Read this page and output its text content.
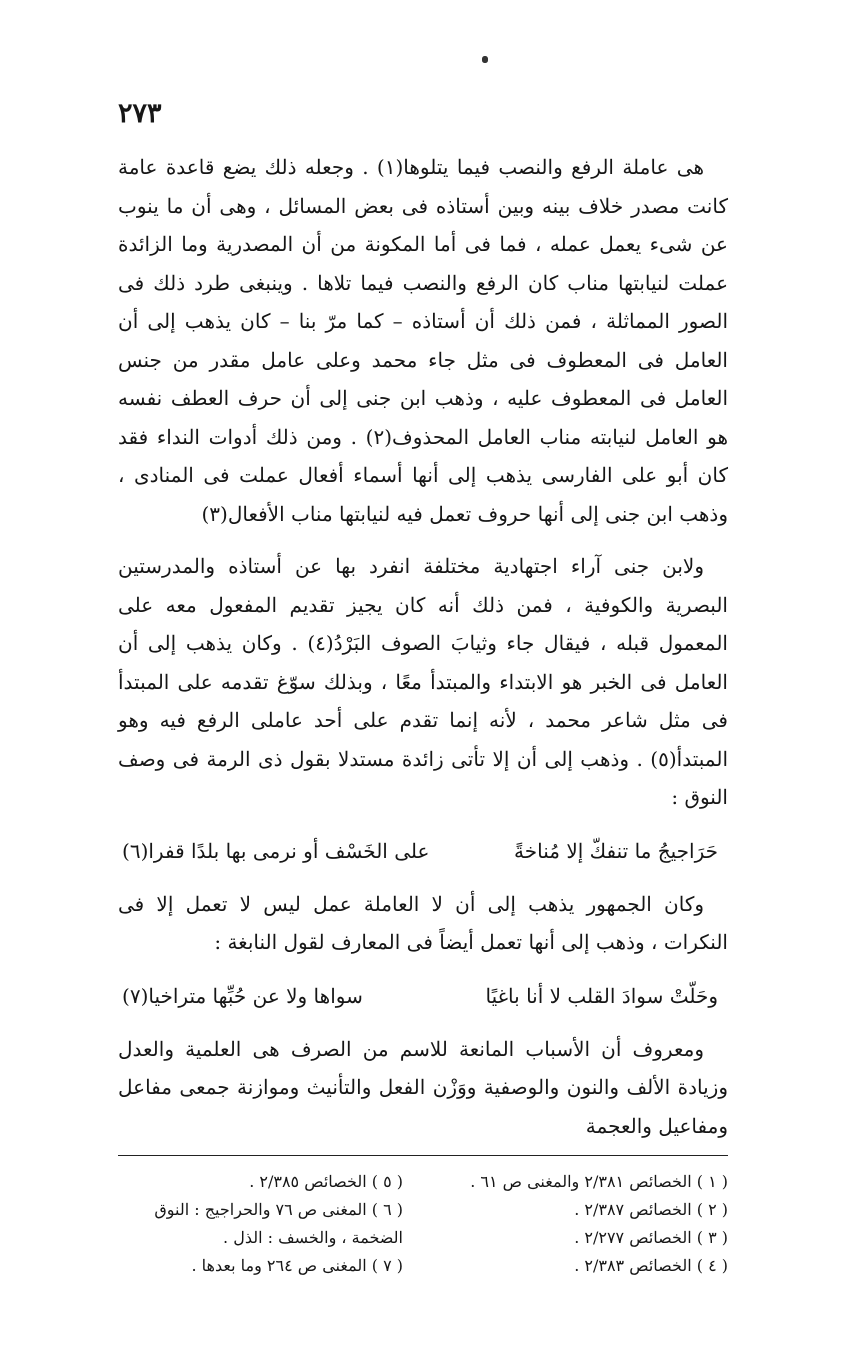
٢٧٣

هى عاملة الرفع والنصب فيما يتلوها(١) . وجعله ذلك يضع قاعدة عامة كانت مصدر خلاف بينه وبين أستاذه فى بعض المسائل ، وهى أن ما ينوب عن شىء يعمل عمله ، فما فى أما المكونة من أن المصدرية وما الزائدة عملت لنيابتها مناب كان الرفع والنصب فيما تلاها . وينبغى طرد ذلك فى الصور المماثلة ، فمن ذلك أن أستاذه – كما مرّ بنا – كان يذهب إلى أن العامل فى المعطوف فى مثل جاء محمد وعلى عامل مقدر من جنس العامل فى المعطوف عليه ، وذهب ابن جنى إلى أن حرف العطف نفسه هو العامل لنيابته مناب العامل المحذوف(٢) . ومن ذلك أدوات النداء فقد كان أبو على الفارسى يذهب إلى أنها أسماء أفعال عملت فى المنادى ، وذهب ابن جنى إلى أنها حروف تعمل فيه لنيابتها مناب الأفعال(٣)

ولابن جنى آراء اجتهادية مختلفة انفرد بها عن أستاذه والمدرستين البصرية والكوفية ، فمن ذلك أنه كان يجيز تقديم المفعول معه على المعمول قبله ، فيقال جاء وثيابَ الصوف البَرْدُ(٤) . وكان يذهب إلى أن العامل فى الخبر هو الابتداء والمبتدأ معًا ، وبذلك سوّغ تقدمه على المبتدأ فى مثل شاعر محمد ، لأنه إنما تقدم على أحد عاملى الرفع فيه وهو المبتدأ(٥) . وذهب إلى أن إلا تأتى زائدة مستدلا بقول ذى الرمة فى وصف النوق :

حَرَاجيجُ ما تنفكّ إلا مُناخةً
على الخَسْف أو نرمى بها بلدًا قفرا(٦)

وكان الجمهور يذهب إلى أن لا العاملة عمل ليس لا تعمل إلا فى النكرات ، وذهب إلى أنها تعمل أيضاً فى المعارف لقول النابغة :

وحَلّتْ سوادَ القلب لا أنا باغيًا
سواها ولا عن حُبِّها متراخيا(٧)

ومعروف أن الأسباب المانعة للاسم من الصرف هى العلمية والعدل وزيادة الألف والنون والوصفية ووَزْن الفعل والتأنيث وموازنة جمعى مفاعل ومفاعيل والعجمة

( ١ ) الخصائص ٢/٣٨١ والمغنى ص ٦١ .
( ٢ ) الخصائص ٢/٣٨٧ .
( ٣ ) الخصائص ٢/٢٧٧ .
( ٤ ) الخصائص ٢/٣٨٣ .
( ٥ ) الخصائص ٢/٣٨٥ .
( ٦ ) المغنى ص ٧٦ والحراجيج : النوق الضخمة ، والخسف : الذل .
( ٧ ) المغنى ص ٢٦٤ وما بعدها .
